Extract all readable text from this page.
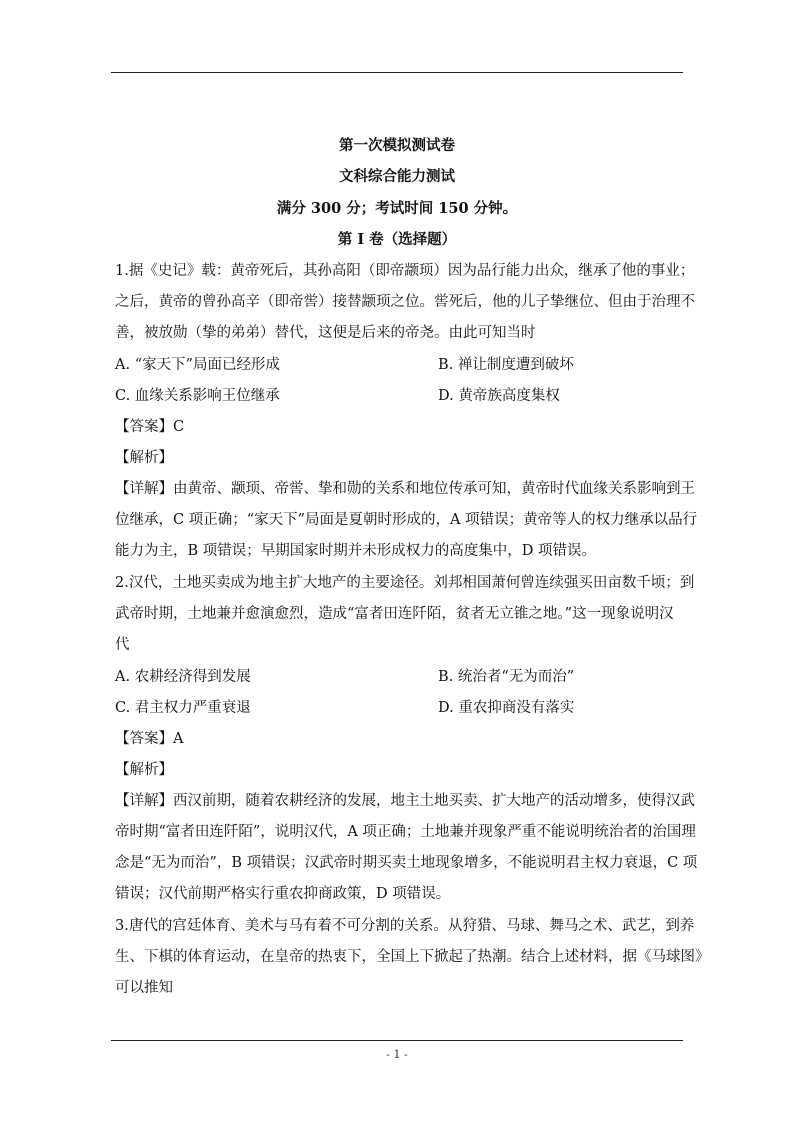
第一次模拟测试卷
文科综合能力测试
满分 300 分；考试时间 150 分钟。
第 I 卷（选择题）
1.据《史记》载：黄帝死后，其孙高阳（即帝颛顼）因为品行能力出众，继承了他的事业；
之后，黄帝的曾孙高辛（即帝喾）接替颛顼之位。喾死后，他的儿子挚继位、但由于治理不
善，被放勋（挚的弟弟）替代，这便是后来的帝尧。由此可知当时
A. “家天下”局面已经形成	B. 禅让制度遭到破坏
C. 血缘关系影响王位继承	D. 黄帝族高度集权
【答案】C
【解析】
【详解】由黄帝、颛顼、帝喾、挚和勋的关系和地位传承可知，黄帝时代血缘关系影响到王
位继承，C 项正确；“家天下”局面是夏朝时形成的，A 项错误；黄帝等人的权力继承以品行
能力为主，B 项错误；早期国家时期并未形成权力的高度集中，D 项错误。
2.汉代，土地买卖成为地主扩大地产的主要途径。刘邦相国萧何曾连续强买田亩数千顷；到
武帝时期，土地兼并愈演愈烈，造成“富者田连阡陌，贫者无立锥之地。”这一现象说明汉
代
A. 农耕经济得到发展	B. 统治者“无为而治”
C. 君主权力严重衰退	D. 重农抑商没有落实
【答案】A
【解析】
【详解】西汉前期，随着农耕经济的发展，地主土地买卖、扩大地产的活动增多，使得汉武
帝时期“富者田连阡陌”，说明汉代，A 项正确；土地兼并现象严重不能说明统治者的治国理
念是“无为而治”，B 项错误；汉武帝时期买卖土地现象增多，不能说明君主权力衰退，C 项
错误；汉代前期严格实行重农抑商政策，D 项错误。
3.唐代的宫廷体育、美术与马有着不可分割的关系。从狩猎、马球、舞马之术、武艺，到养
生、下棋的体育运动，在皇帝的热衷下，全国上下掀起了热潮。结合上述材料，据《马球图》
可以推知
- 1 -
